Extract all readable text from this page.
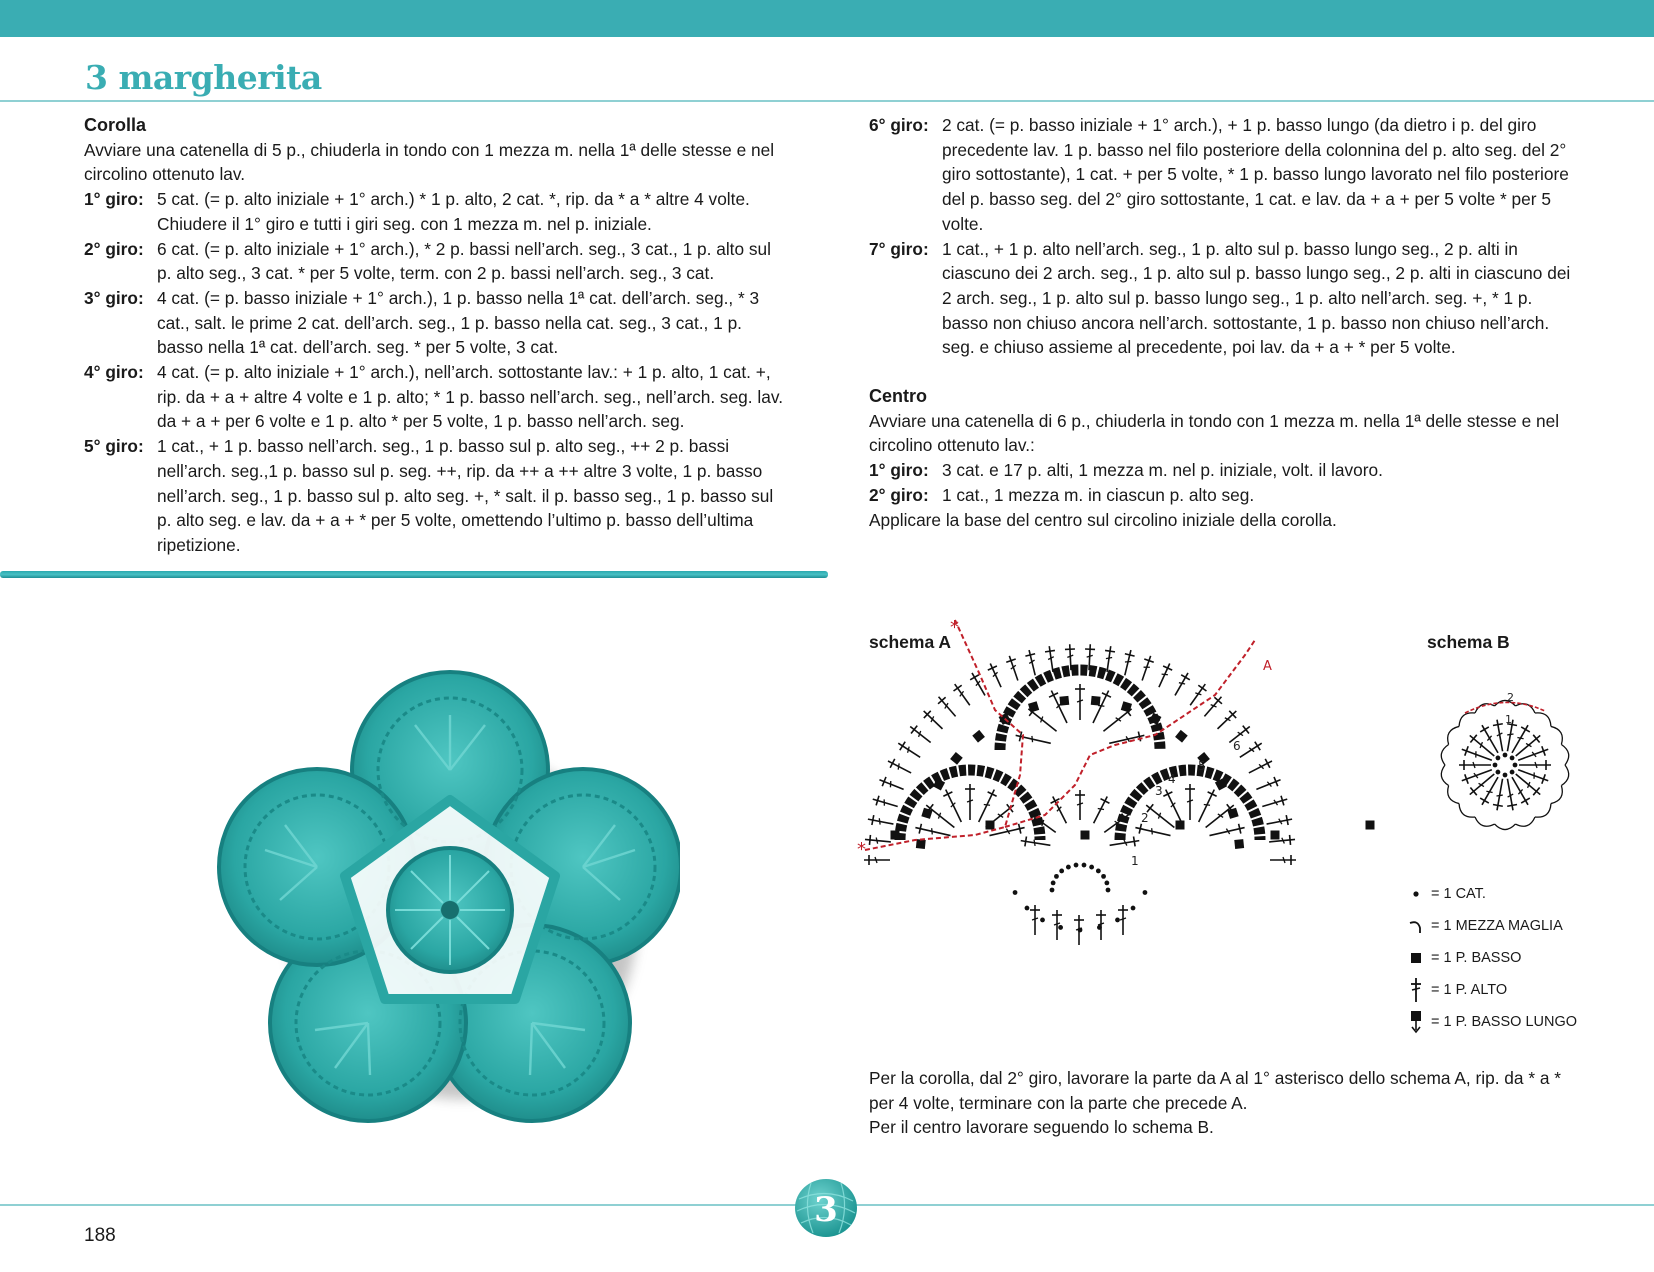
3 margherita
Corolla
Avviare una catenella di 5 p., chiuderla in tondo con 1 mezza m. nella 1ª delle stesse e nel circolino ottenuto lav.
1° giro: 5 cat. (= p. alto iniziale + 1° arch.) * 1 p. alto, 2 cat. *, rip. da * a * altre 4 volte. Chiudere il 1° giro e tutti i giri seg. con 1 mezza m. nel p. iniziale.
2° giro: 6 cat. (= p. alto iniziale + 1° arch.), * 2 p. bassi nell’arch. seg., 3 cat., 1 p. alto sul p. alto seg., 3 cat. * per 5 volte, term. con 2 p. bassi nell’arch. seg., 3 cat.
3° giro: 4 cat. (= p. basso iniziale + 1° arch.), 1 p. basso nella 1ª cat. dell’arch. seg., * 3 cat., salt. le prime 2 cat. dell’arch. seg., 1 p. basso nella cat. seg., 3 cat., 1 p. basso nella 1ª cat. dell’arch. seg. * per 5 volte, 3 cat.
4° giro: 4 cat. (= p. alto iniziale + 1° arch.), nell’arch. sottostante lav.: + 1 p. alto, 1 cat. +, rip. da + a + altre 4 volte e 1 p. alto; * 1 p. basso nell’arch. seg., nell’arch. seg. lav. da + a + per 6 volte e 1 p. alto * per 5 volte, 1 p. basso nell’arch. seg.
5° giro: 1 cat., + 1 p. basso nell’arch. seg., 1 p. basso sul p. alto seg., ++ 2 p. bassi nell’arch. seg.,1 p. basso sul p. seg. ++, rip. da ++ a ++ altre 3 volte, 1 p. basso nell’arch. seg., 1 p. basso sul p. alto seg. +, * salt. il p. basso seg., 1 p. basso sul p. alto seg. e lav. da + a + * per 5 volte, omettendo l’ultimo p. basso dell’ultima ripetizione.
6° giro: 2 cat. (= p. basso iniziale + 1° arch.), + 1 p. basso lungo (da dietro i p. del giro precedente lav. 1 p. basso nel filo posteriore della colonnina del p. alto seg. del 2° giro sottostante), 1 cat. + per 5 volte, * 1 p. basso lungo lavorato nel filo posteriore del p. basso seg. del 2° giro sottostante, 1 cat. e lav. da + a + per 5 volte * per 5 volte.
7° giro: 1 cat., + 1 p. alto nell’arch. seg., 1 p. alto sul p. basso lungo seg., 2 p. alti in ciascuno dei 2 arch. seg., 1 p. alto sul p. basso lungo seg., 2 p. alti in ciascuno dei 2 arch. seg., 1 p. alto sul p. basso lungo seg., 1 p. alto nell’arch. seg. +, * 1 p. basso non chiuso ancora nell’arch. sottostante, 1 p. basso non chiuso nell’arch. seg. e chiuso assieme al precedente, poi lav. da + a + * per 5 volte.
Centro
Avviare una catenella di 6 p., chiuderla in tondo con 1 mezza m. nella 1ª delle stesse e nel circolino ottenuto lav.:
1° giro: 3 cat. e 17 p. alti, 1 mezza m. nel p. iniziale, volt. il lavoro.
2° giro: 1 cat., 1 mezza m. in ciascun p. alto seg.
Applicare la base del centro sul circolino iniziale della corolla.
schema A	schema B
*
*
A
1
2
3
4
5
6
1
2
= 1 CAT.
= 1 MEZZA MAGLIA
= 1 P. BASSO
= 1 P. ALTO
= 1 P. BASSO LUNGO
Per la corolla, dal 2° giro, lavorare la parte da A al 1° asterisco dello schema A, rip. da * a * per 4 volte, terminare con la parte che precede A.
Per il centro lavorare seguendo lo schema B.
3
188
